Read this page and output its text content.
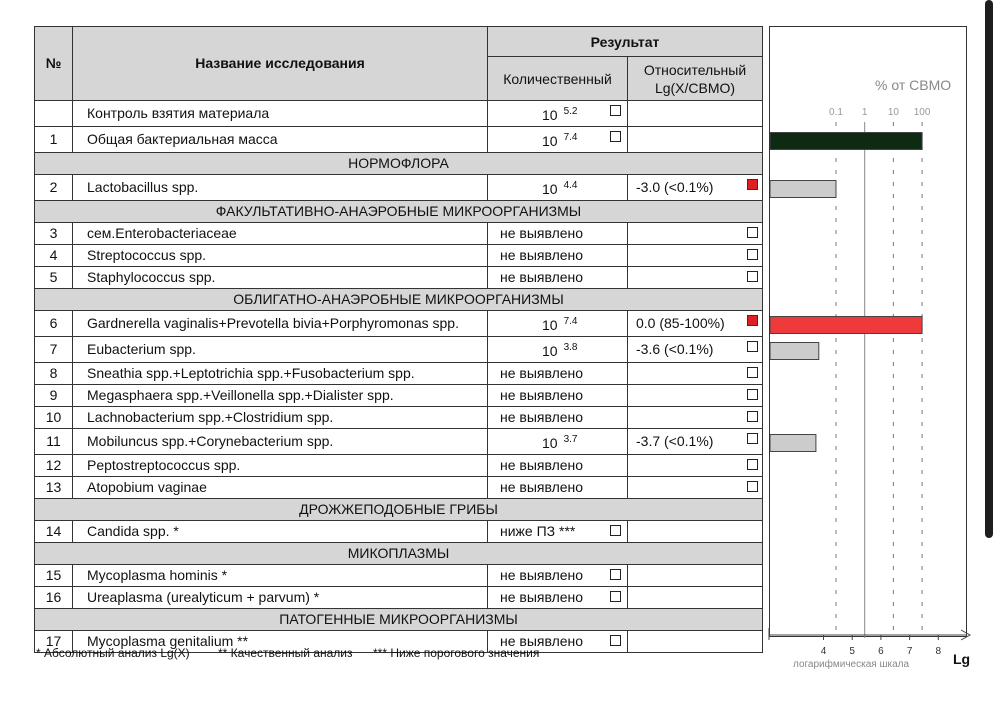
№	Название исследования	Результат	
		Количественный	Относительный
Lg(X/СВМО)
	Контроль взятия материала	10 $^{5.2}$

1	Общая бактериальная масса	10 $^{7.4}$

НОРМОФЛОРА			
2	Lactobacillus spp.	10 $^{4.4}$	-3.0 (<0.1%)

ФАКУЛЬТАТИВНО-АНАЭРОБНЫЕ МИКРООРГАНИЗМЫ			
3	сем.Enterobacteriaceae	не выявлено	

4	Streptococcus spp.	не выявлено	

5	Staphylococcus spp.	не выявлено	

ОБЛИГАТНО-АНАЭРОБНЫЕ МИКРООРГАНИЗМЫ			
6	Gardnerella vaginalis+Prevotella bivia+Porphyromonas spp.	10 $^{7.4}$	0.0 (85-100%)

7	Eubacterium spp.	10 $^{3.8}$	-3.6 (<0.1%)

8	Sneathia spp.+Leptotrichia spp.+Fusobacterium spp.	не выявлено	

9	Megasphaera spp.+Veillonella spp.+Dialister spp.	не выявлено	

10	Lachnobacterium spp.+Clostridium spp.	не выявлено	

11	Mobiluncus spp.+Corynebacterium spp.	10 $^{3.7}$	-3.7 (<0.1%)

12	Peptostreptococcus spp.	не выявлено	

13	Atopobium vaginae	не выявлено	

ДРОЖЖЕПОДОБНЫЕ ГРИБЫ			
14	Candida spp. *	ниже ПЗ ***

МИКОПЛАЗМЫ			
15	Mycoplasma hominis *	не выявлено

16	Ureaplasma (urealyticum + parvum) *	не выявлено

ПАТОГЕННЫЕ МИКРООРГАНИЗМЫ			
17	Mycoplasma genitalium **	не выявлено

0.1 1 10 100
% от СВМО
4 5 6 7 8
логарифмическая шкала	Lg
* Абсолютный анализ Lg(X) ** Качественный анализ *** Ниже порогового значения
